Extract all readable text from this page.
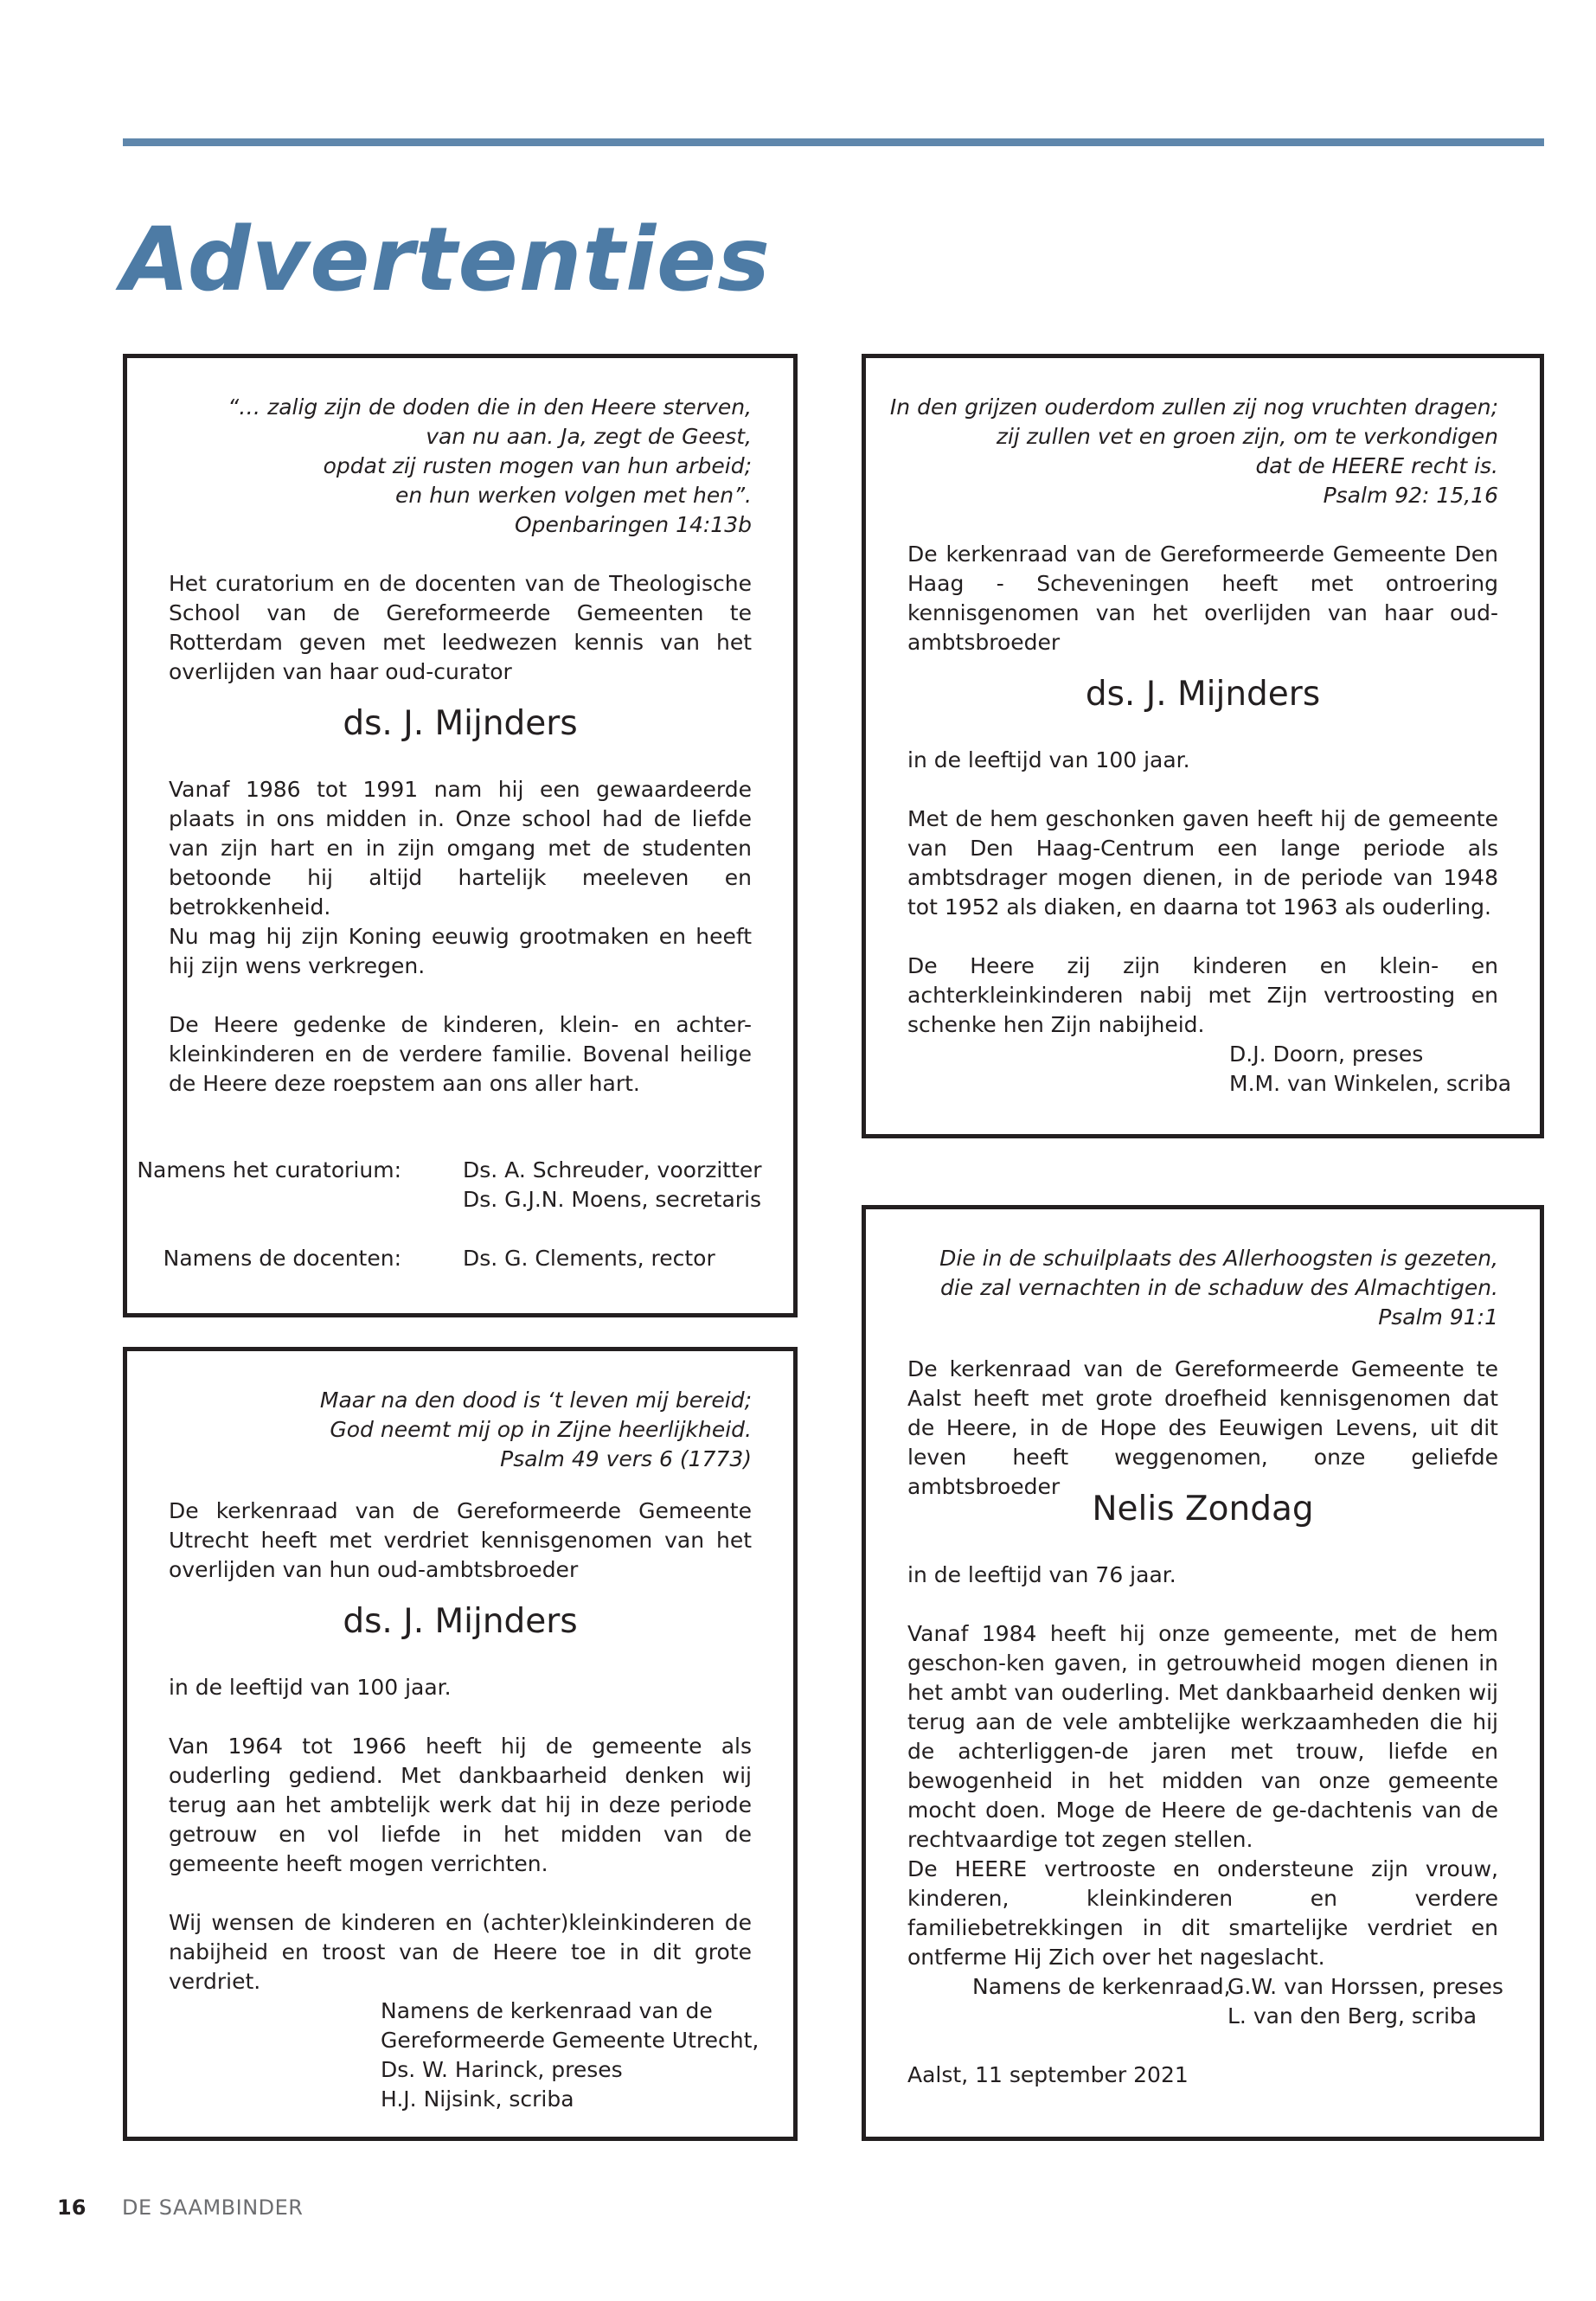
Advertenties
“… zalig zijn de doden die in den Heere sterven,
van nu aan. Ja, zegt de Geest,
opdat zij rusten mogen van hun arbeid;
en hun werken volgen met hen”.
Openbaringen 14:13b

Het curatorium en de docenten van de Theologische School van de Gereformeerde Gemeenten te Rotterdam geven met leedwezen kennis van het overlijden van haar oud-curator

ds. J. Mijnders

Vanaf 1986 tot 1991 nam hij een gewaardeerde plaats in ons midden in. Onze school had de liefde van zijn hart en in zijn omgang met de studenten betoonde hij altijd hartelijk meeleven en betrokkenheid.

Nu mag hij zijn Koning eeuwig grootmaken en heeft hij zijn wens verkregen.

De Heere gedenke de kinderen, klein- en achter-kleinkinderen en de verdere familie. Bovenal heilige de Heere deze roepstem aan ons aller hart.

Namens het curatorium:	Ds. A. Schreuder, voorzitter

Ds. G.J.N. Moens, secretaris

Namens de docenten:	Ds. G. Clements, rector

In den grijzen ouderdom zullen zij nog vruchten dragen;
zij zullen vet en groen zijn, om te verkondigen
dat de HEERE recht is.
Psalm 92: 15,16

De kerkenraad van de Gereformeerde Gemeente Den Haag - Scheveningen heeft met ontroering kennisgenomen van het overlijden van haar oud-ambtsbroeder

ds. J. Mijnders

in de leeftijd van 100 jaar.

Met de hem geschonken gaven heeft hij de gemeente van Den Haag-Centrum een lange periode als ambtsdrager mogen dienen, in de periode van 1948 tot 1952 als diaken, en daarna tot 1963 als ouderling.

De Heere zij zijn kinderen en klein- en achterkleinkinderen nabij met Zijn vertroosting en schenke hen Zijn nabijheid.

D.J. Doorn, preses

M.M. van Winkelen, scriba

Maar na den dood is ‘t leven mij bereid;
God neemt mij op in Zijne heerlijkheid.
Psalm 49 vers 6 (1773)

De kerkenraad van de Gereformeerde Gemeente Utrecht heeft met verdriet kennisgenomen van het overlijden van hun oud-ambtsbroeder

ds. J. Mijnders

in de leeftijd van 100 jaar.

Van 1964 tot 1966 heeft hij de gemeente als ouderling gediend. Met dankbaarheid denken wij terug aan het ambtelijk werk dat hij in deze periode getrouw en vol liefde in het midden van de gemeente heeft mogen verrichten.

Wij wensen de kinderen en (achter)kleinkinderen de nabijheid en troost van de Heere toe in dit grote verdriet.

Namens de kerkenraad van de
Gereformeerde Gemeente Utrecht,
Ds. W. Harinck, preses
H.J. Nijsink, scriba
Die in de schuilplaats des Allerhoogsten is gezeten,
die zal vernachten in de schaduw des Almachtigen.
Psalm 91:1

De kerkenraad van de Gereformeerde Gemeente te Aalst heeft met grote droefheid kennisgenomen dat de Heere, in de Hope des Eeuwigen Levens, uit dit leven heeft weggenomen, onze geliefde ambtsbroeder

Nelis Zondag

in de leeftijd van 76 jaar.

Vanaf 1984 heeft hij onze gemeente, met de hem geschon-ken gaven, in getrouwheid mogen dienen in het ambt van ouderling. Met dankbaarheid denken wij terug aan de vele ambtelijke werkzaamheden die hij de achterliggen-de jaren met trouw, liefde en bewogenheid in het midden van onze gemeente mocht doen. Moge de Heere de ge-dachtenis van de rechtvaardige tot zegen stellen.

De HEERE vertrooste en ondersteune zijn vrouw, kinderen, kleinkinderen en verdere familiebetrekkingen in dit smartelijke verdriet en ontferme Hij Zich over het nageslacht.

Namens de kerkenraad,

G.W. van Horssen, preses

L. van den Berg, scriba

Aalst, 11 september 2021

16 DE SAAMBINDER
